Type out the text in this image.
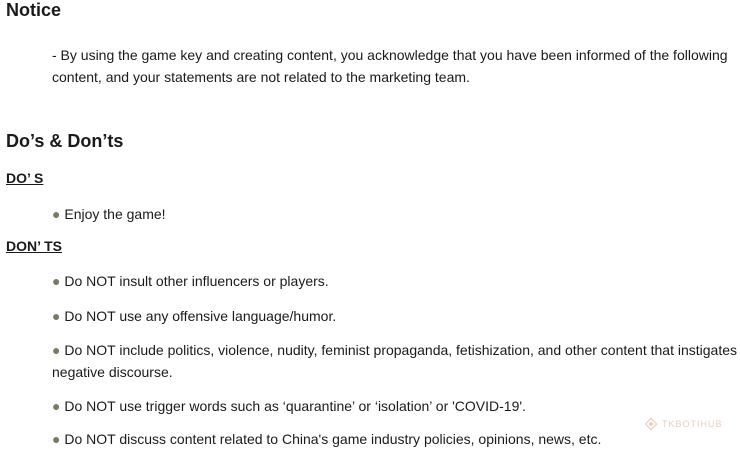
Notice

- By using the game key and creating content, you acknowledge that you have been informed of the following content, and your statements are not related to the marketing team.

Do’s & Don’ts

DO’ S

● Enjoy the game!

DON’ TS

● Do NOT insult other influencers or players.

● Do NOT use any offensive language/humor.

● Do NOT include politics, violence, nudity, feminist propaganda, fetishization, and other content that instigates negative discourse.

● Do NOT use trigger words such as ‘quarantine’ or ‘isolation’ or 'COVID-19'.

● Do NOT discuss content related to China's game industry policies, opinions, news, etc.

TKBOTIHUB
